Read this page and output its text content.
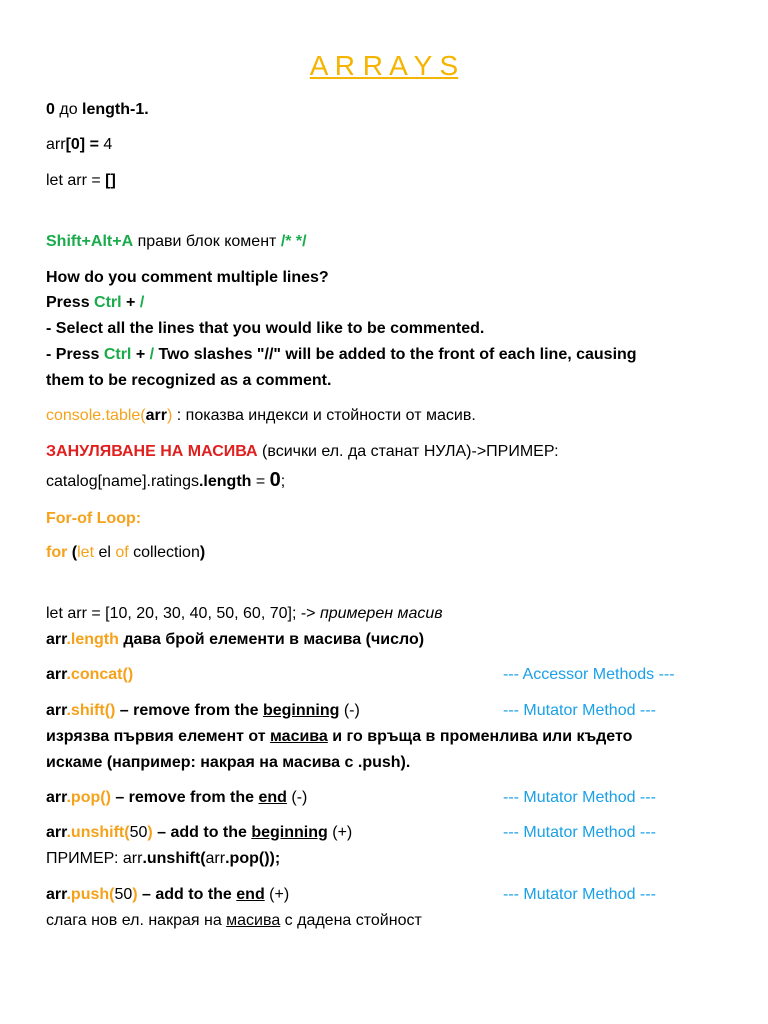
A R R A Y S
0 до length-1.
arr[0] = 4
let arr = []
Shift+Alt+A прави блок комент /* */
How do you comment multiple lines?
Press Ctrl + /
- Select all the lines that you would like to be commented.
- Press Ctrl + / Two slashes "//" will be added to the front of each line, causing
them to be recognized as a comment.
console.table(arr) : показва индекси и стойности от масив.
ЗАНУЛЯВАНЕ НА МАСИВА (всички ел. да станат НУЛА)->ПРИМЕР:
catalog[name].ratings.length = 0;
For-of Loop:
for (let el of collection)
let arr = [10, 20, 30, 40, 50, 60, 70]; -> примерен масив
arr.length дава брой елементи в масива (число)
arr.concat()	--- Accessor Methods ---
arr.shift() – remove from the beginning (-)	--- Mutator Method ---
изрязва първия елемент от масива и го връща в променлива или където
искаме (например: накрая на масива с .push).
arr.pop() – remove from the end (-)	--- Mutator Method ---
arr.unshift(50) – add to the beginning (+)	--- Mutator Method ---
ПРИМЕР: arr.unshift(arr.pop());
arr.push(50) – add to the end (+)	--- Mutator Method ---
слага нов ел. накрая на масива с дадена стойност
